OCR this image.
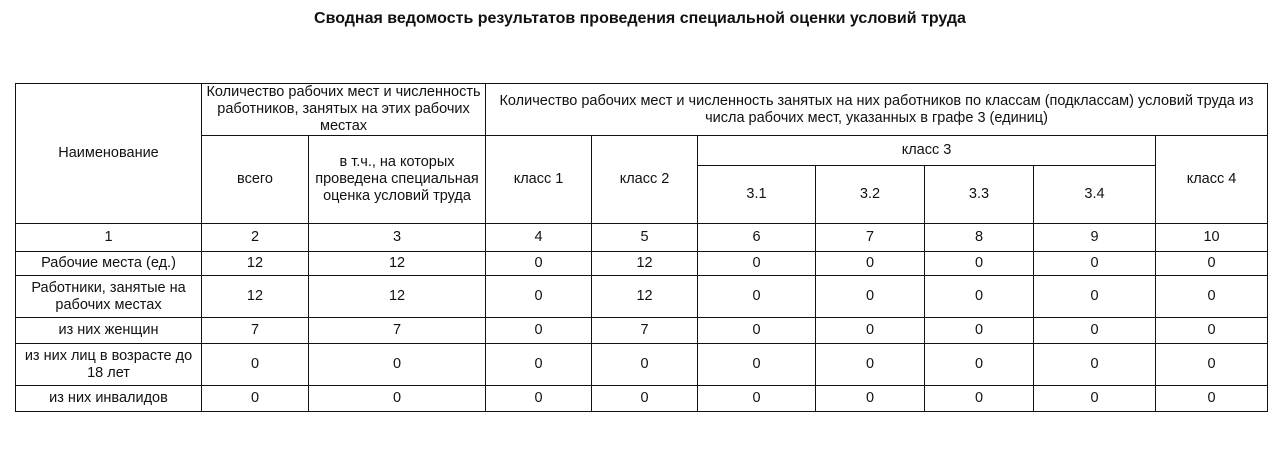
Сводная ведомость результатов проведения специальной оценки условий труда
Наименование	Количество рабочих мест и численность работников, занятых на этих рабочих местах		Количество рабочих мест и численность занятых на них работников по классам (подклассам) условий труда из числа рабочих мест, указанных в графе 3 (единиц)						
	всего	в т.ч., на которых проведена специальная оценка условий труда	класс 1	класс 2	класс 3				класс 4
					3.1	3.2	3.3	3.4	
1	2	3	4	5	6	7	8	9	10
Рабочие места (ед.)	12	12	0	12	0	0	0	0	0
Работники, занятые на рабочих местах	12	12	0	12	0	0	0	0	0
из них женщин	7	7	0	7	0	0	0	0	0
из них лиц в возрасте до 18 лет	0	0	0	0	0	0	0	0	0
из них инвалидов	0	0	0	0	0	0	0	0	0
